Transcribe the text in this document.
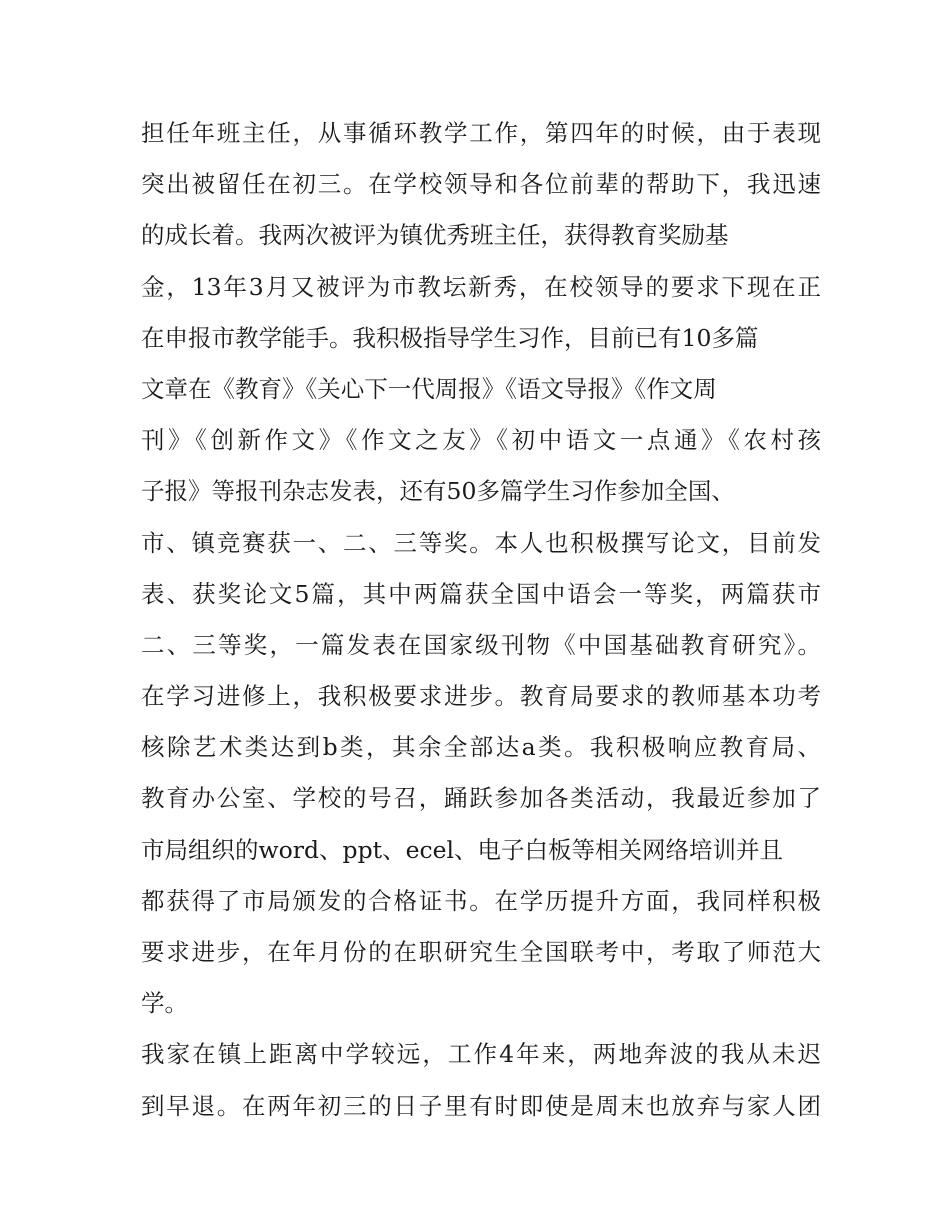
担任年班主任，从事循环教学工作，第四年的时候，由于表现
突出被留任在初三。在学校领导和各位前辈的帮助下，我迅速
的成长着。我两次被评为镇优秀班主任，获得教育奖励基
金，13年3月又被评为市教坛新秀，在校领导的要求下现在正
在申报市教学能手。我积极指导学生习作，目前已有10多篇
文章在《教育》《关心下一代周报》《语文导报》《作文周
刊》《创新作文》《作文之友》《初中语文一点通》《农村孩
子报》等报刊杂志发表，还有50多篇学生习作参加全国、
市、镇竞赛获一、二、三等奖。本人也积极撰写论文，目前发
表、获奖论文5篇，其中两篇获全国中语会一等奖，两篇获市
二、三等奖，一篇发表在国家级刊物《中国基础教育研究》。
在学习进修上，我积极要求进步。教育局要求的教师基本功考
核除艺术类达到b类，其余全部达a类。我积极响应教育局、
教育办公室、学校的号召，踊跃参加各类活动，我最近参加了
市局组织的word、ppt、ecel、电子白板等相关网络培训并且
都获得了市局颁发的合格证书。在学历提升方面，我同样积极
要求进步，在年月份的在职研究生全国联考中，考取了师范大
学。
我家在镇上距离中学较远，工作4年来，两地奔波的我从未迟
到早退。在两年初三的日子里有时即使是周末也放弃与家人团
